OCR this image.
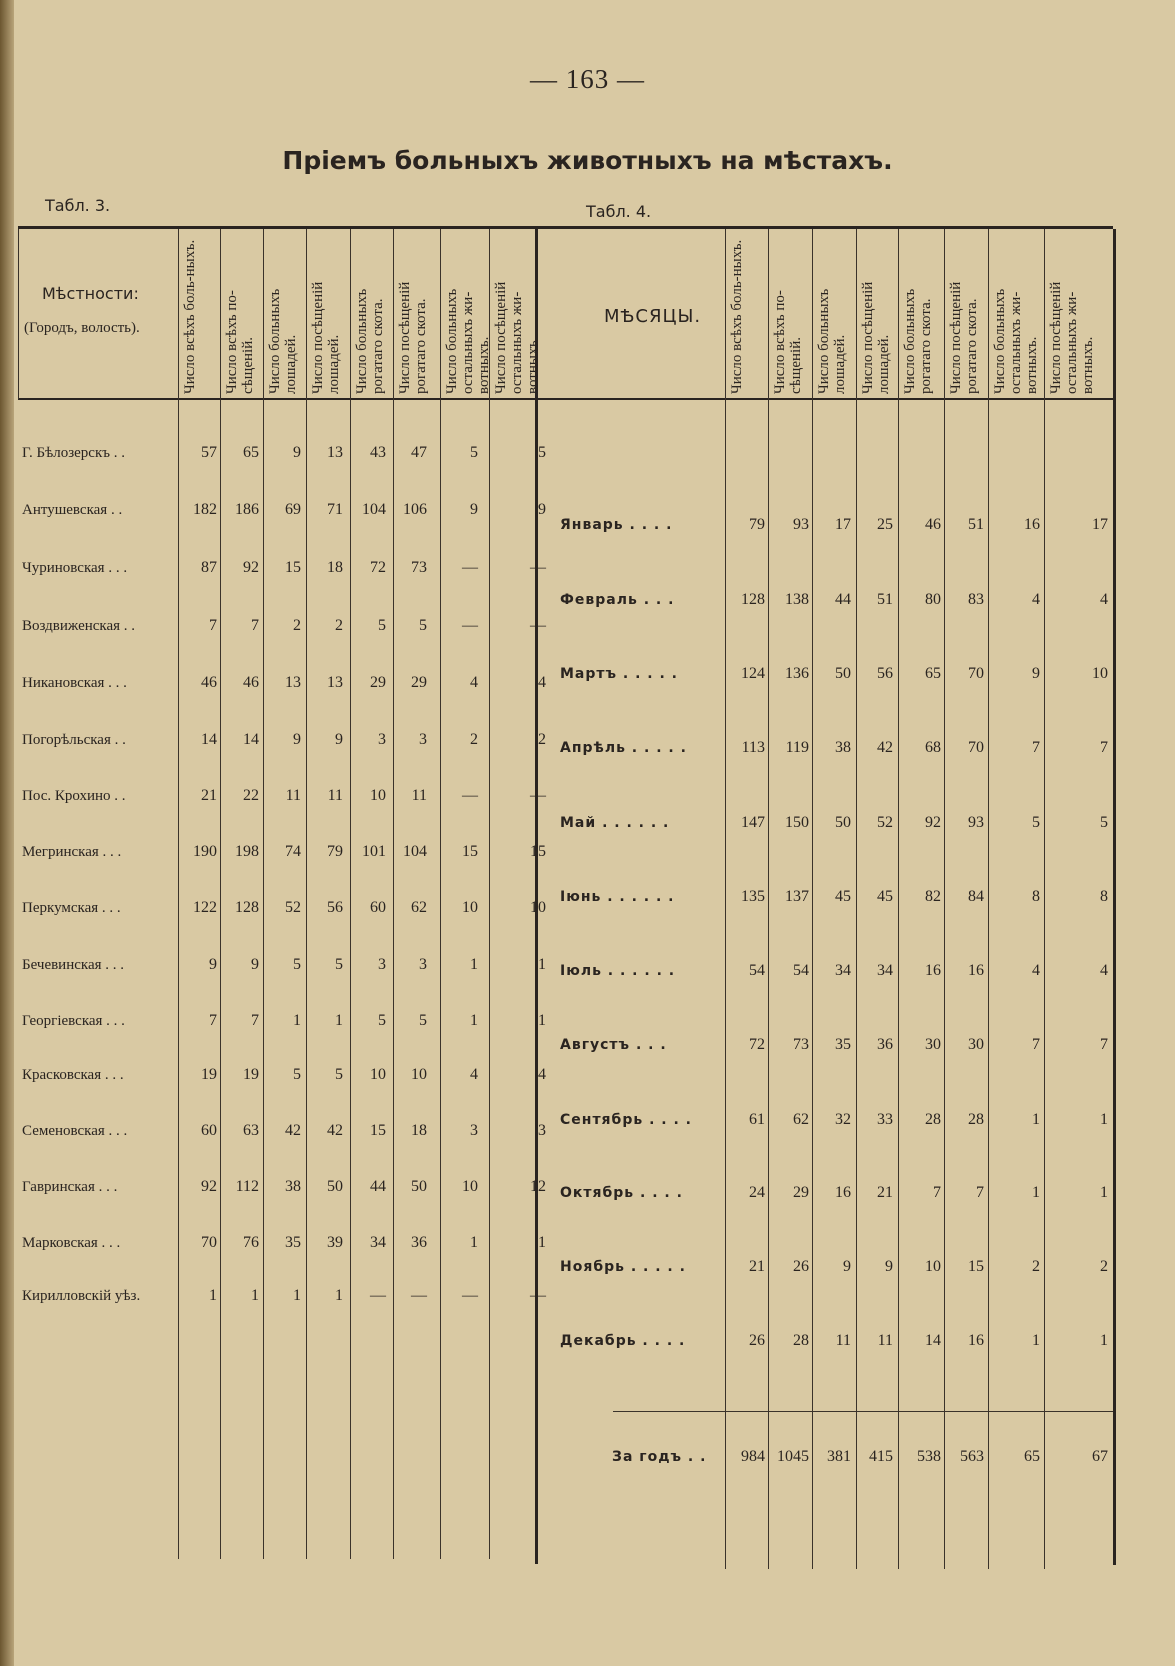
— 163 —
Пріемъ больныхъ животныхъ на мѣстахъ.
Табл. 3.	Табл. 4.
Мѣстности:
(Городъ, волость).
МѢСЯЦЫ.
Число всѣхъ боль-ныхъ.	Число всѣхъ по-сѣщеній. Число больныхъ лошадей. Число посѣщеній лошадей. Число больныхъ рогатаго скота. Число посѣщеній рогатаго скота. Число больныхъ остальныхъ жи-вотныхъ. Число посѣщеній остальныхъ жи-вотныхъ.
Г. Бѣлозерскъ . .	57	65	9	13	43	47	5	5
Антушевская . .	182	186	69	71	104	106	9	9
Чуриновская . . .	87	92	15	18	72	73	—	—
Воздвиженская . .	7	7	2	2	5	5	—	—
Никановская . . .	46	46	13	13	29	29	4	4
Погорѣльская . .	14	14	9	9	3	3	2	2
Пос. Крохино . .	21	22	11	11	10	11	—	—
Мегринская . . .	190	198	74	79	101	104	15	15
Перкумская . . .	122	128	52	56	60	62	10	10
Бечевинская . . .	9	9	5	5	3	3	1	1
Георгіевская . . .	7	7	1	1	5	5	1	1
Красковская . . .	19	19	5	5	10	10	4	4
Семеновская . . .	60	63	42	42	15	18	3	3
Гавринская . . .	92	112	38	50	44	50	10	12
Марковская . . .	70	76	35	39	34	36	1	1
Кирилловскій уѣз.	1	1	1	1	—	—	—	—
Число всѣхъ боль-ныхъ.	Число всѣхъ по-сѣщеній. Число больныхъ лошадей. Число посѣщеній лошадей. Число больныхъ рогатаго скота. Число посѣщеній рогатаго скота. Число больныхъ остальныхъ жи-вотныхъ. Число посѣщеній остальныхъ жи-вотныхъ.
Январь . . . .	79	93	17	25	46	51	16	17
Февраль . . .	128	138	44	51	80	83	4	4
Мартъ . . . . .	124	136	50	56	65	70	9	10
Апрѣль . . . . .	113	119	38	42	68	70	7	7
Май . . . . . .	147	150	50	52	92	93	5	5
Іюнь . . . . . .	135	137	45	45	82	84	8	8
Іюль . . . . . .	54	54	34	34	16	16	4	4
Августъ . . .	72	73	35	36	30	30	7	7
Сентябрь . . . .	61	62	32	33	28	28	1	1
Октябрь . . . .	24	29	16	21	7	7	1	1
Ноябрь . . . . .	21	26	9	9	10	15	2	2
Декабрь . . . .	26	28	11	11	14	16	1	1
За годъ . .	984 1045	381	415	538	563	65	67
